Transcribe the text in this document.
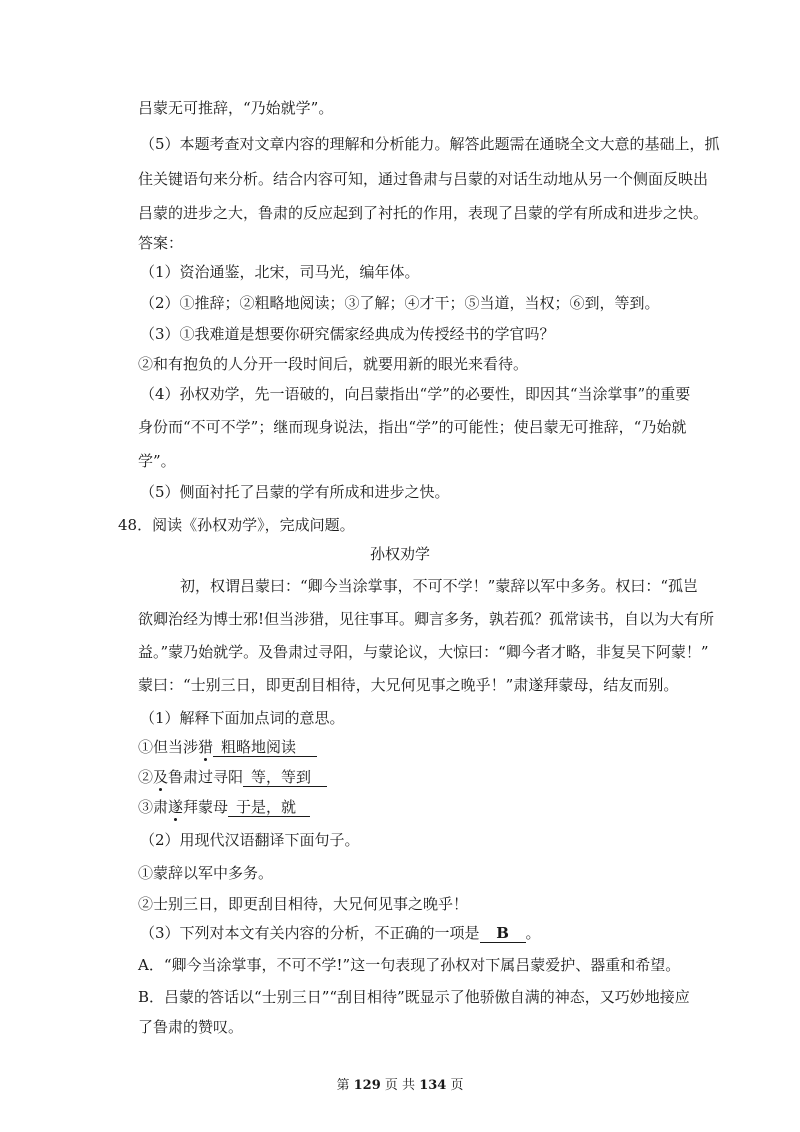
吕蒙无可推辞，“乃始就学”。
（5）本题考查对文章内容的理解和分析能力。解答此题需在通晓全文大意的基础上，抓
住关键语句来分析。结合内容可知，通过鲁肃与吕蒙的对话生动地从另一个侧面反映出
吕蒙的进步之大，鲁肃的反应起到了衬托的作用，表现了吕蒙的学有所成和进步之快。
答案：
（1）资治通鉴，北宋，司马光，编年体。
（2）①推辞；②粗略地阅读；③了解；④才干；⑤当道，当权；⑥到，等到。
（3）①我难道是想要你研究儒家经典成为传授经书的学官吗？
②和有抱负的人分开一段时间后，就要用新的眼光来看待。
（4）孙权劝学，先一语破的，向吕蒙指出“学”的必要性，即因其“当涂掌事”的重要
身份而“不可不学”；继而现身说法，指出“学”的可能性；使吕蒙无可推辞，“乃始就
学”。
（5）侧面衬托了吕蒙的学有所成和进步之快。
48．阅读《孙权劝学》，完成问题。
孙权劝学
初，权谓吕蒙曰：“卿今当涂掌事，不可不学！”蒙辞以军中多务。权曰：“孤岂
欲卿治经为博士邪!但当涉猎，见往事耳。卿言多务，孰若孤？孤常读书，自以为大有所
益。”蒙乃始就学。及鲁肃过寻阳，与蒙论议，大惊曰：“卿今者才略，非复吴下阿蒙！”
蒙曰：“士别三日，即更刮目相待，大兄何见事之晚乎！”肃遂拜蒙母，结友而别。
（1）解释下面加点词的意思。
①但当涉猎 粗略地阅读
②及鲁肃过寻阳 等，等到
③肃遂拜蒙母 于是，就
（2）用现代汉语翻译下面句子。
①蒙辞以军中多务。
②士别三日，即更刮目相待，大兄何见事之晚乎！
（3）下列对本文有关内容的分析，不正确的一项是 B 。
A．“卿今当涂掌事，不可不学!”这一句表现了孙权对下属吕蒙爱护、器重和希望。
B．吕蒙的答话以“士别三日”“刮目相待”既显示了他骄傲自满的神态，又巧妙地接应
了鲁肃的赞叹。
第 129 页 共 134 页
